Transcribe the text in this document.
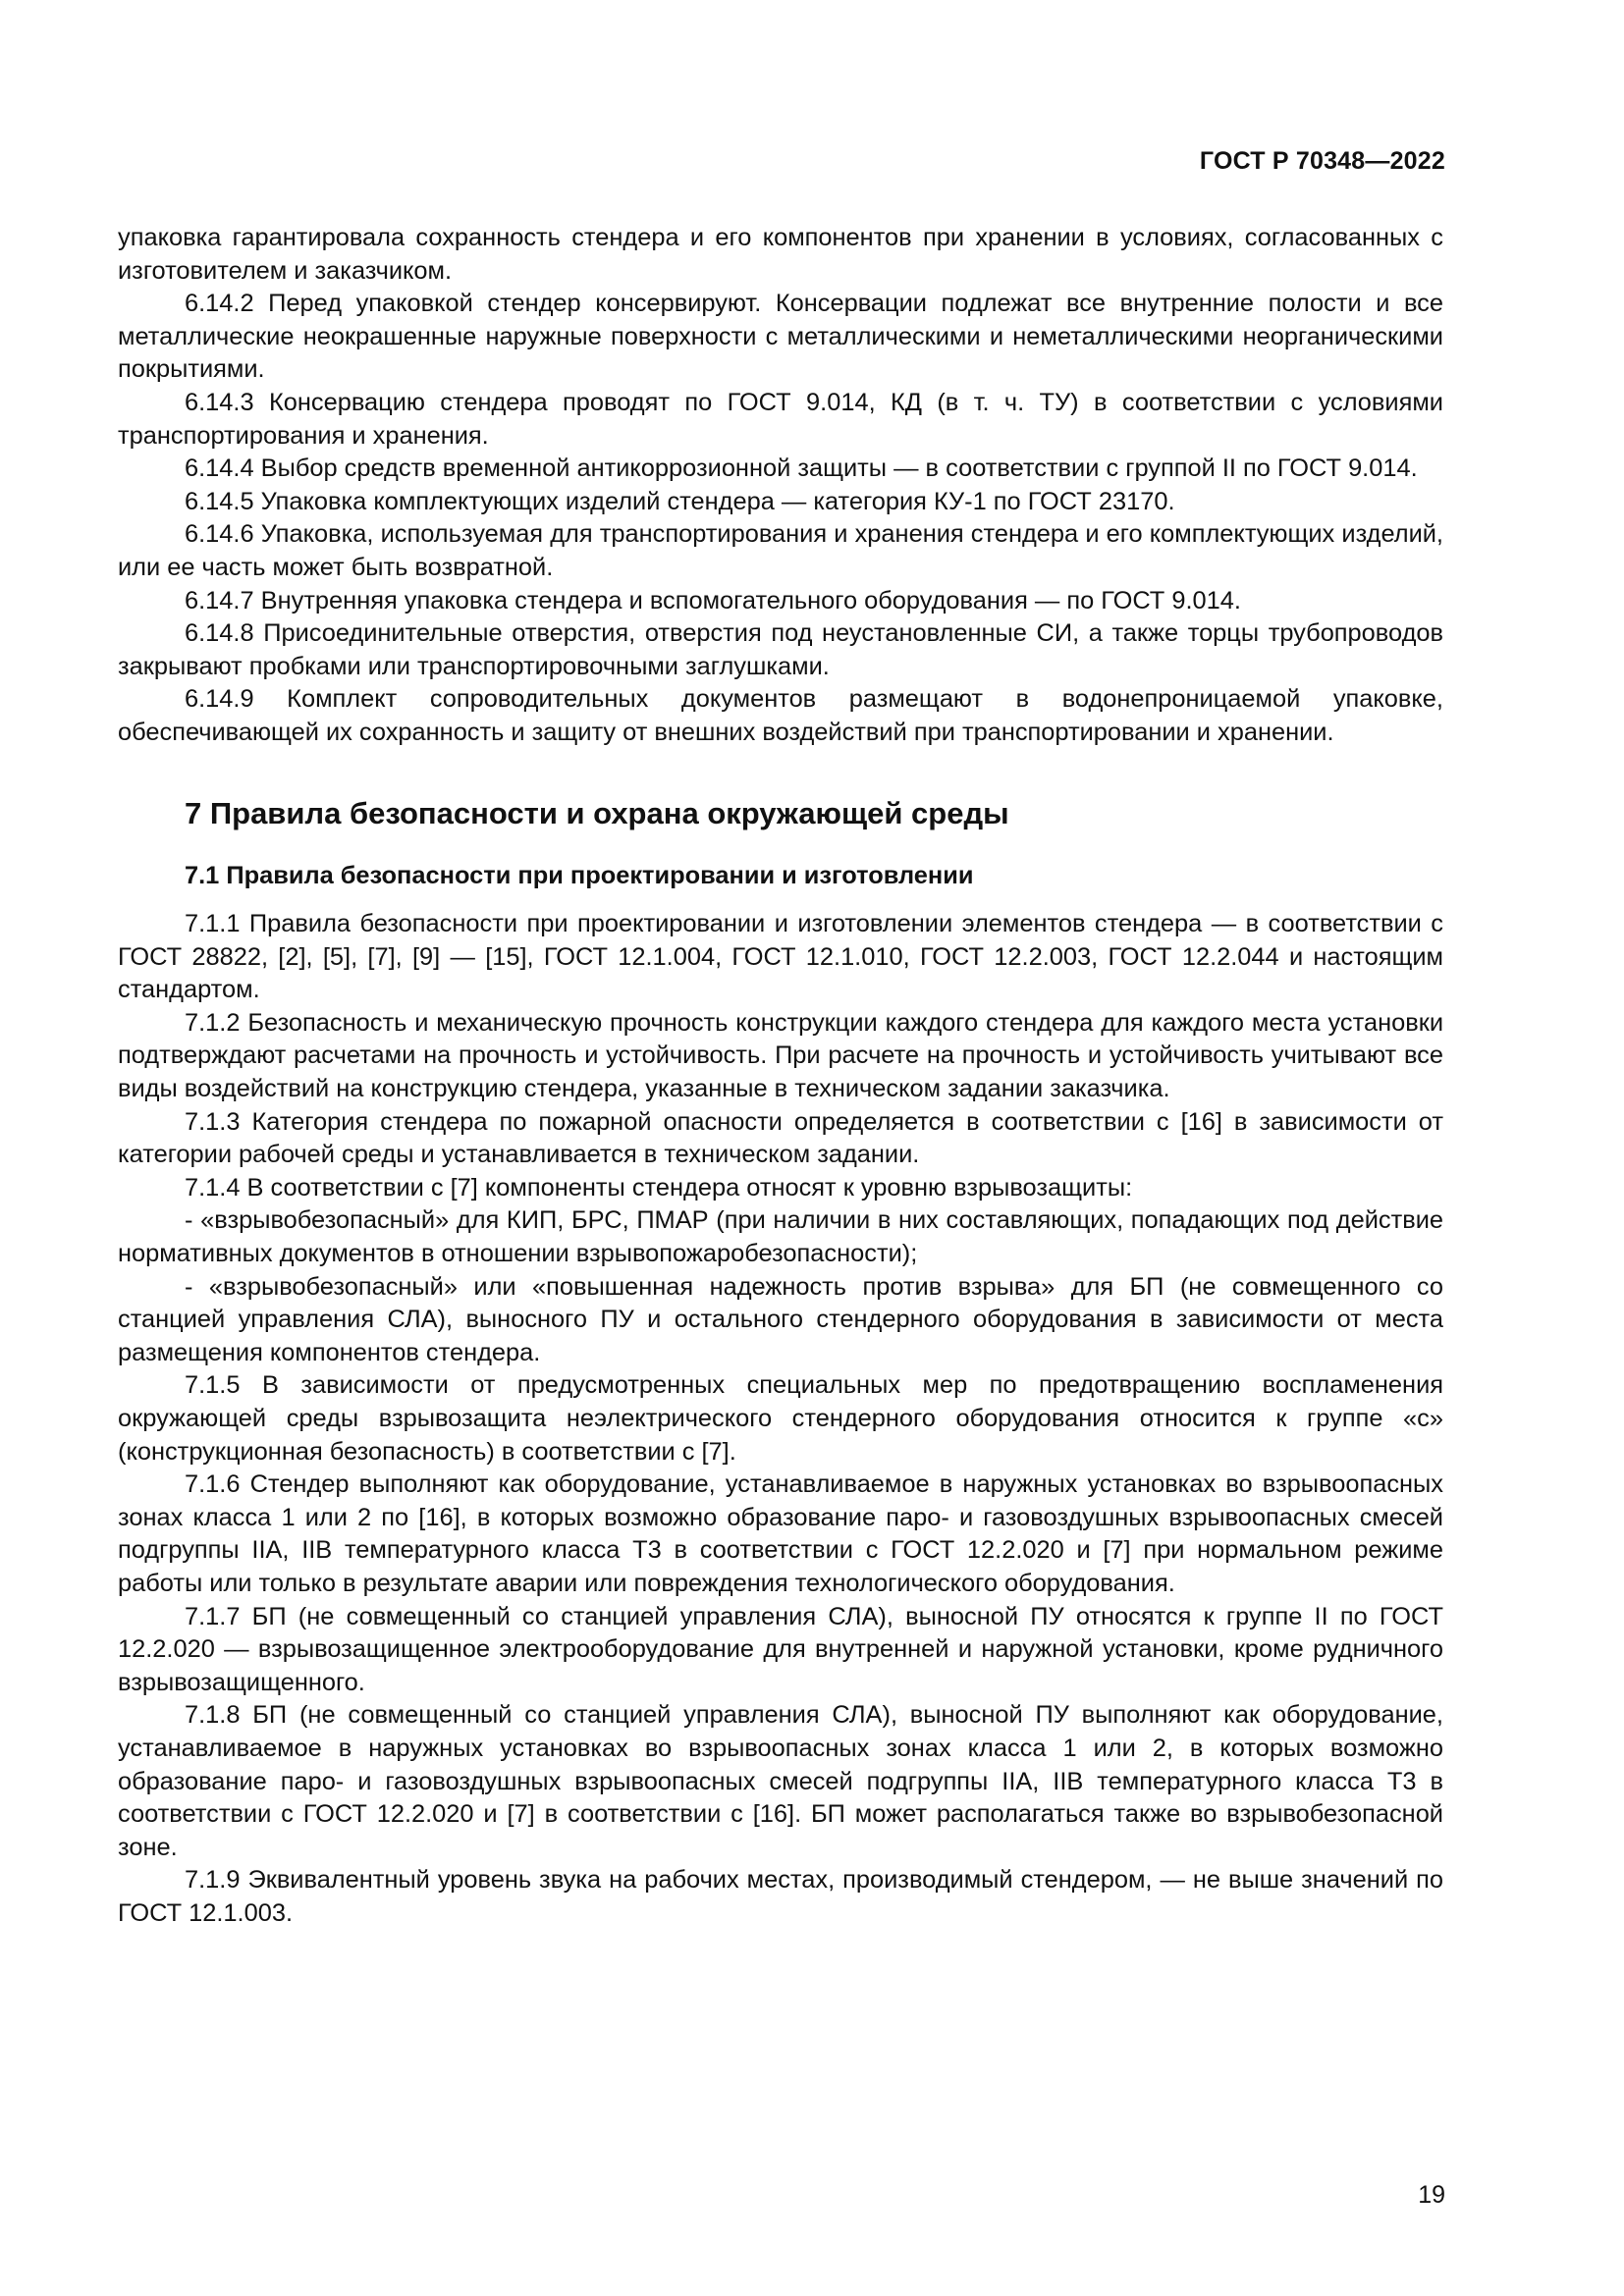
ГОСТ Р 70348—2022

упаковка гарантировала сохранность стендера и его компонентов при хранении в условиях, согласованных с изготовителем и заказчиком.

6.14.2 Перед упаковкой стендер консервируют. Консервации подлежат все внутренние полости и все металлические неокрашенные наружные поверхности с металлическими и неметаллическими неорганическими покрытиями.

6.14.3 Консервацию стендера проводят по ГОСТ 9.014, КД (в т. ч. ТУ) в соответствии с условиями транспортирования и хранения.

6.14.4 Выбор средств временной антикоррозионной защиты — в соответствии с группой II по ГОСТ 9.014.

6.14.5 Упаковка комплектующих изделий стендера — категория КУ-1 по ГОСТ 23170.

6.14.6 Упаковка, используемая для транспортирования и хранения стендера и его комплектующих изделий, или ее часть может быть возвратной.

6.14.7 Внутренняя упаковка стендера и вспомогательного оборудования — по ГОСТ 9.014.

6.14.8 Присоединительные отверстия, отверстия под неустановленные СИ, а также торцы трубопроводов закрывают пробками или транспортировочными заглушками.

6.14.9 Комплект сопроводительных документов размещают в водонепроницаемой упаковке, обеспечивающей их сохранность и защиту от внешних воздействий при транспортировании и хранении.

7 Правила безопасности и охрана окружающей среды
7.1 Правила безопасности при проектировании и изготовлении

7.1.1 Правила безопасности при проектировании и изготовлении элементов стендера — в соответствии с ГОСТ 28822, [2], [5], [7], [9] — [15], ГОСТ 12.1.004, ГОСТ 12.1.010, ГОСТ 12.2.003, ГОСТ 12.2.044 и настоящим стандартом.

7.1.2 Безопасность и механическую прочность конструкции каждого стендера для каждого места установки подтверждают расчетами на прочность и устойчивость. При расчете на прочность и устойчивость учитывают все виды воздействий на конструкцию стендера, указанные в техническом задании заказчика.

7.1.3 Категория стендера по пожарной опасности определяется в соответствии с [16] в зависимости от категории рабочей среды и устанавливается в техническом задании.

7.1.4 В соответствии с [7] компоненты стендера относят к уровню взрывозащиты:

- «взрывобезопасный» для КИП, БРС, ПМАР (при наличии в них составляющих, попадающих под действие нормативных документов в отношении взрывопожаробезопасности);

- «взрывобезопасный» или «повышенная надежность против взрыва» для БП (не совмещенного со станцией управления СЛА), выносного ПУ и остального стендерного оборудования в зависимости от места размещения компонентов стендера.

7.1.5 В зависимости от предусмотренных специальных мер по предотвращению воспламенения окружающей среды взрывозащита неэлектрического стендерного оборудования относится к группе «с» (конструкционная безопасность) в соответствии с [7].

7.1.6 Стендер выполняют как оборудование, устанавливаемое в наружных установках во взрывоопасных зонах класса 1 или 2 по [16], в которых возможно образование паро- и газовоздушных взрывоопасных смесей подгруппы IIA, IIB температурного класса Т3 в соответствии с ГОСТ 12.2.020 и [7] при нормальном режиме работы или только в результате аварии или повреждения технологического оборудования.

7.1.7 БП (не совмещенный со станцией управления СЛА), выносной ПУ относятся к группе II по ГОСТ 12.2.020 — взрывозащищенное электрооборудование для внутренней и наружной установки, кроме рудничного взрывозащищенного.

7.1.8 БП (не совмещенный со станцией управления СЛА), выносной ПУ выполняют как оборудование, устанавливаемое в наружных установках во взрывоопасных зонах класса 1 или 2, в которых возможно образование паро- и газовоздушных взрывоопасных смесей подгруппы IIA, IIB температурного класса Т3 в соответствии с ГОСТ 12.2.020 и [7] в соответствии с [16]. БП может располагаться также во взрывобезопасной зоне.

7.1.9 Эквивалентный уровень звука на рабочих местах, производимый стендером, — не выше значений по ГОСТ 12.1.003.

19
